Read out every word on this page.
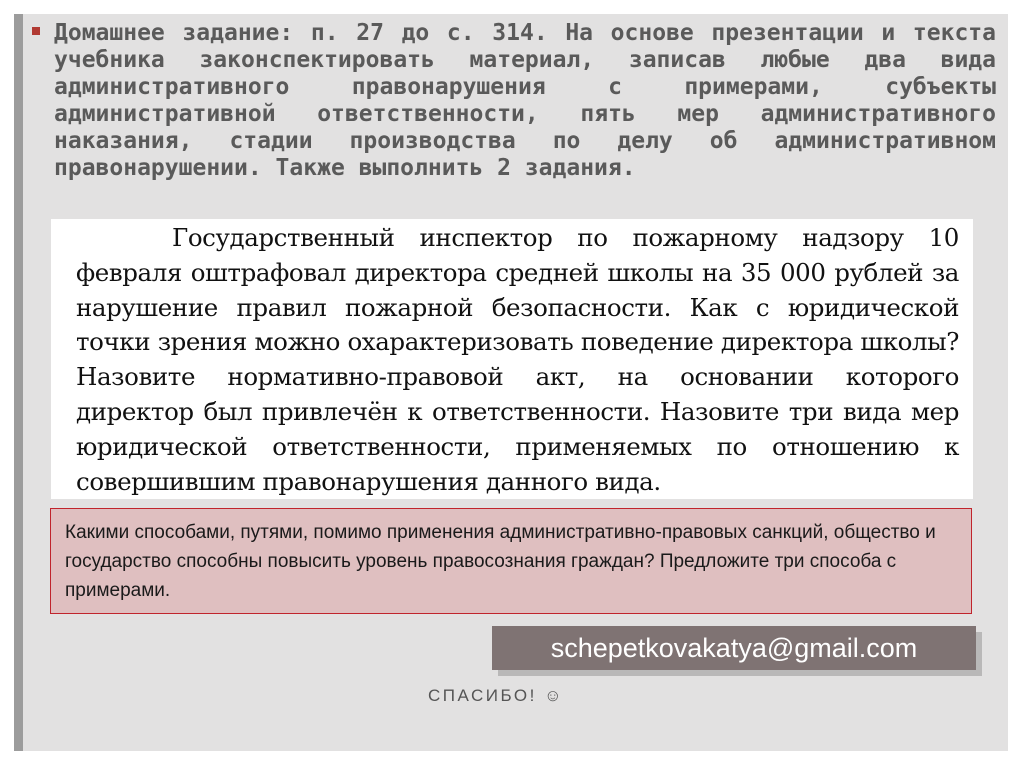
Домашнее задание: п. 27 до с. 314. На основе презентации и текста учебника законспектировать материал, записав любые два вида административного правонарушения с примерами, субъекты административной ответственности, пять мер административного наказания, стадии производства по делу об административном правонарушении. Также выполнить 2 задания.

Государственный инспектор по пожарному надзору 10 февраля оштрафовал директора средней школы на 35 000 рублей за нарушение правил пожарной безопасности. Как с юридической точки зрения можно охарактеризовать поведение директора школы? Назовите нормативно-правовой акт, на основании которого директор был привлечён к ответственности. Назовите три вида мер юридической ответственности, применяемых по отношению к совершившим правонарушения данного вида.

Какими способами, путями, помимо применения административно-правовых санкций, общество и государство способны повысить уровень правосознания граждан? Предложите три способа с примерами.

schepetkovakatya@gmail.com
СПАСИБО! ☺
